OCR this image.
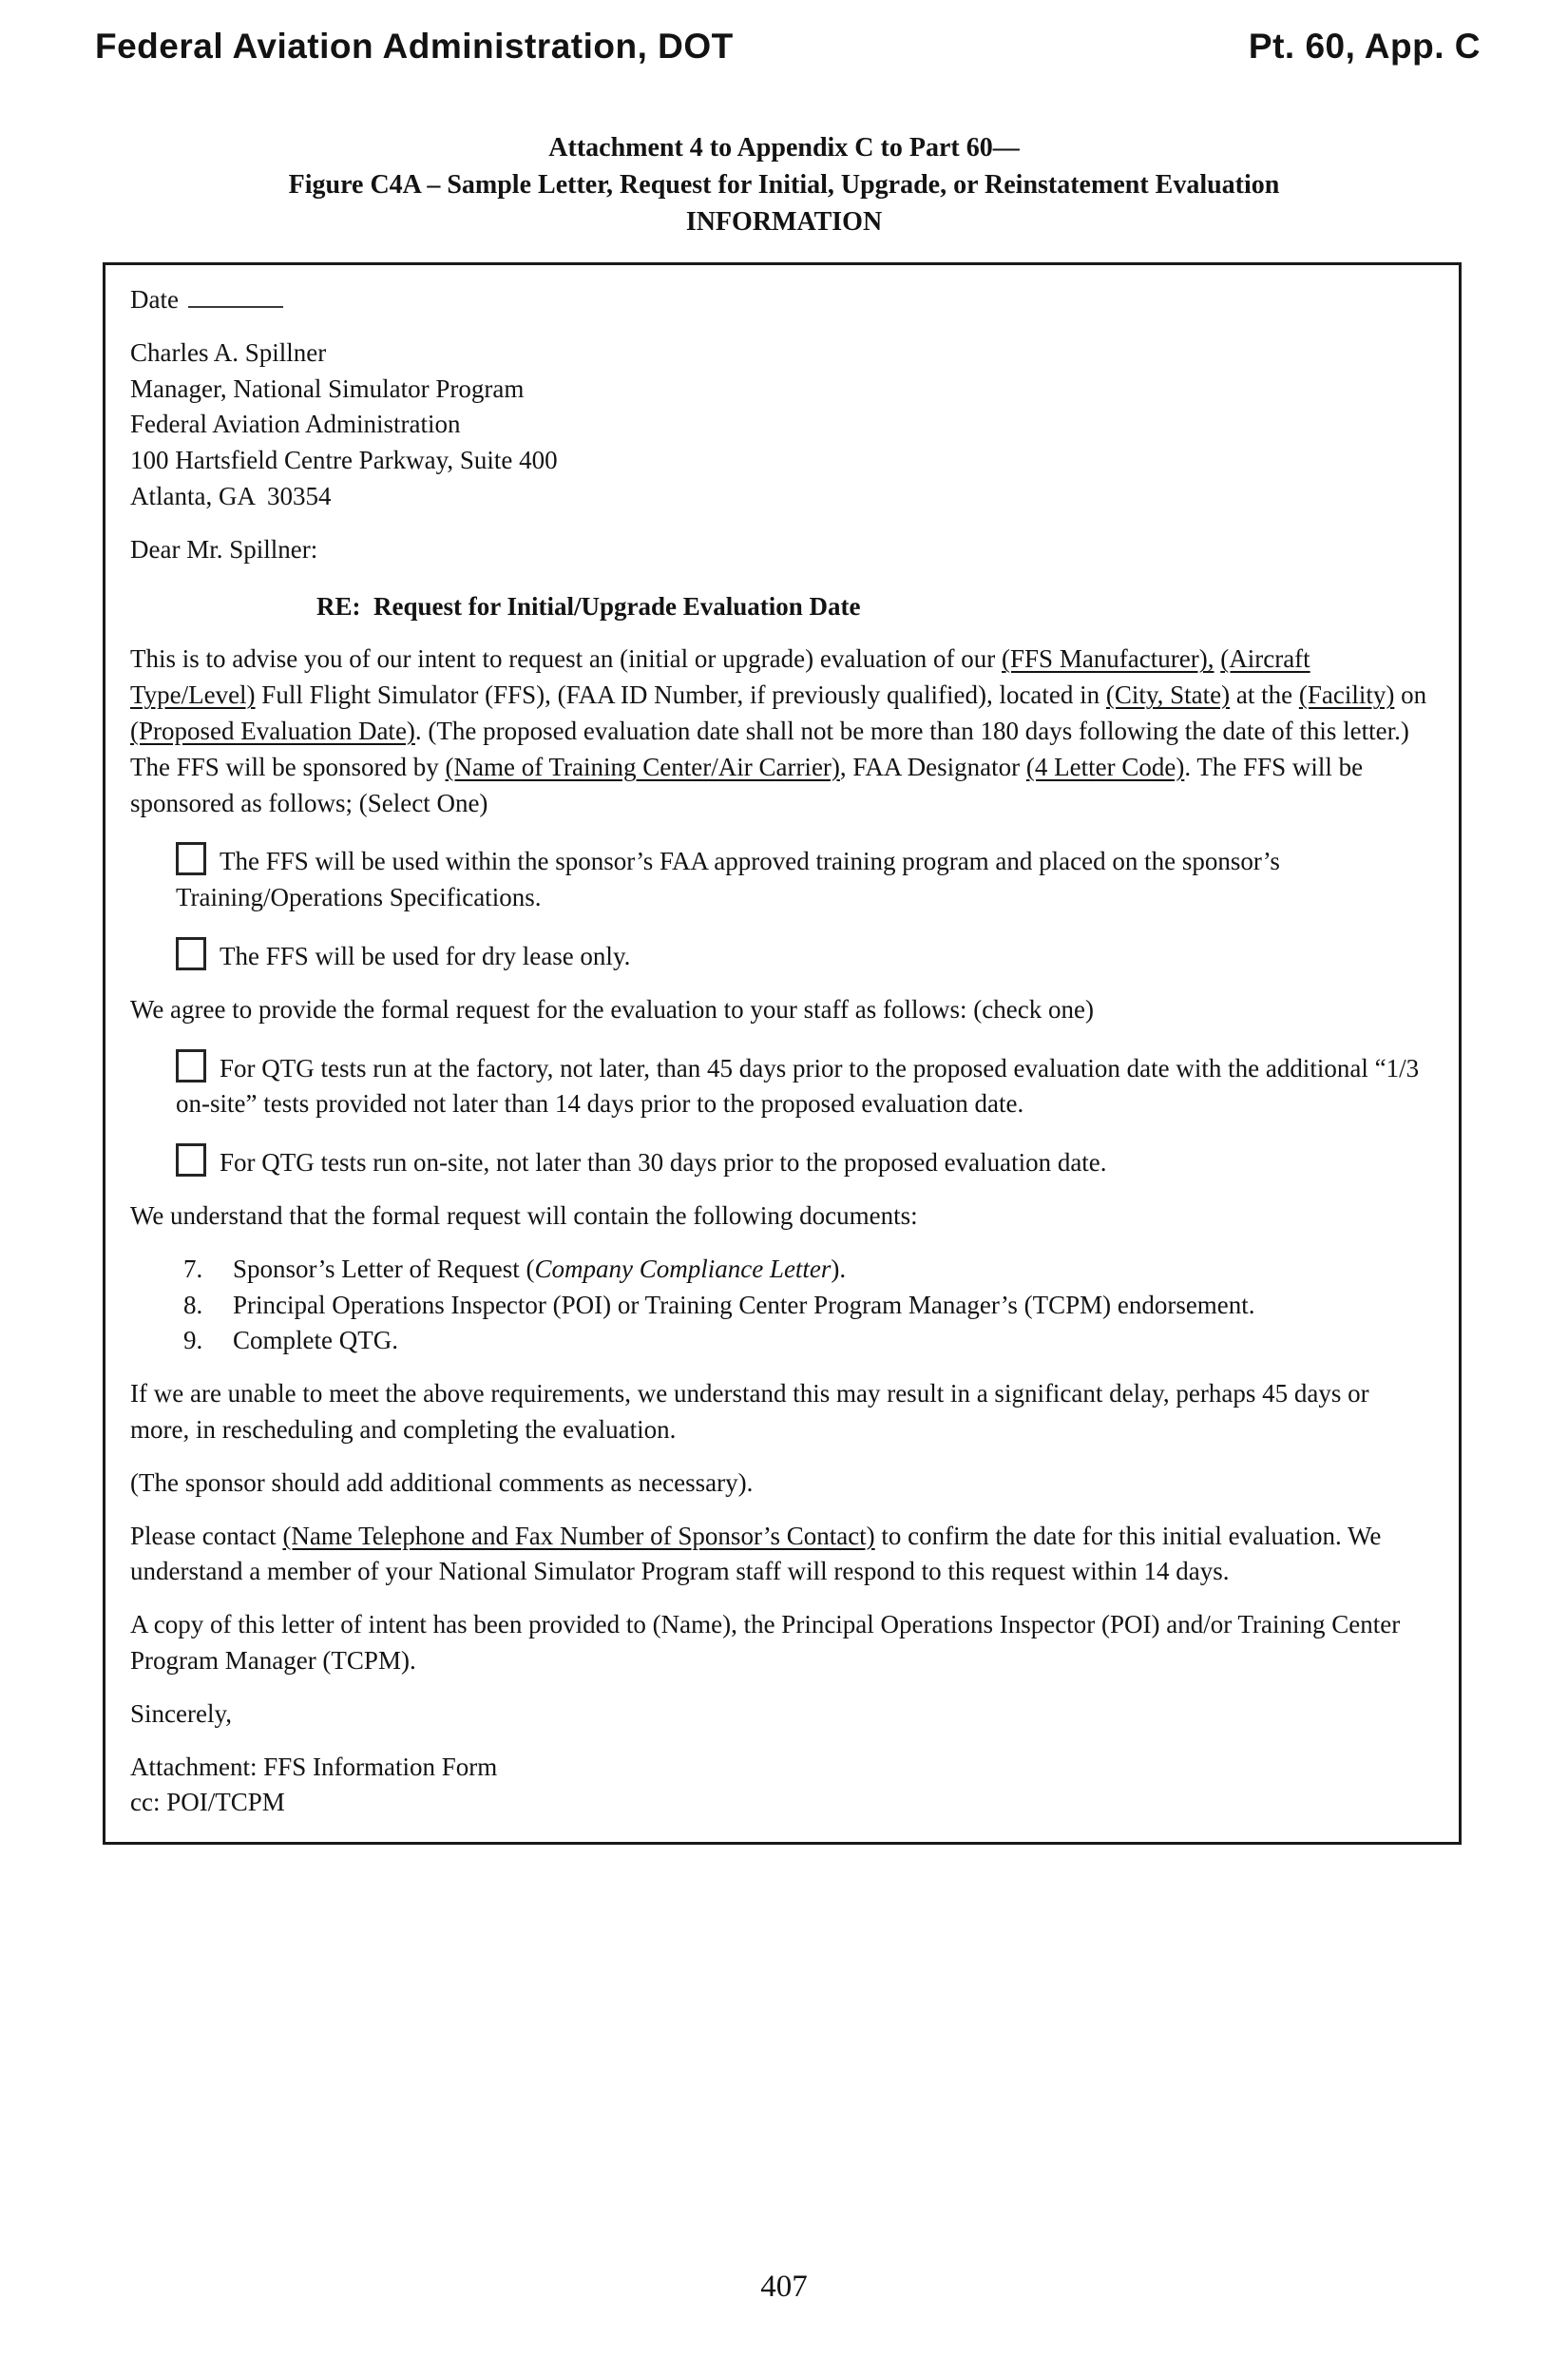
Federal Aviation Administration, DOT	Pt. 60, App. C
Attachment 4 to Appendix C to Part 60—
Figure C4A – Sample Letter, Request for Initial, Upgrade, or Reinstatement Evaluation
INFORMATION
Date
Charles A. Spillner
Manager, National Simulator Program
Federal Aviation Administration
100 Hartsfield Centre Parkway, Suite 400
Atlanta, GA  30354
Dear Mr. Spillner:
RE:  Request for Initial/Upgrade Evaluation Date
This is to advise you of our intent to request an (initial or upgrade) evaluation of our (FFS Manufacturer), (Aircraft Type/Level) Full Flight Simulator (FFS), (FAA ID Number, if previously qualified), located in (City, State) at the (Facility) on (Proposed Evaluation Date). (The proposed evaluation date shall not be more than 180 days following the date of this letter.) The FFS will be sponsored by (Name of Training Center/Air Carrier), FAA Designator (4 Letter Code). The FFS will be sponsored as follows; (Select One)
The FFS will be used within the sponsor’s FAA approved training program and placed on the sponsor’s Training/Operations Specifications.
The FFS will be used for dry lease only.
We agree to provide the formal request for the evaluation to your staff as follows: (check one)
For QTG tests run at the factory, not later, than 45 days prior to the proposed evaluation date with the additional “1/3 on-site” tests provided not later than 14 days prior to the proposed evaluation date.
For QTG tests run on-site, not later than 30 days prior to the proposed evaluation date.
We understand that the formal request will contain the following documents:
7.	Sponsor’s Letter of Request (Company Compliance Letter).
8.	Principal Operations Inspector (POI) or Training Center Program Manager’s (TCPM) endorsement.
9.	Complete QTG.
If we are unable to meet the above requirements, we understand this may result in a significant delay, perhaps 45 days or more, in rescheduling and completing the evaluation.
(The sponsor should add additional comments as necessary).
Please contact (Name Telephone and Fax Number of Sponsor’s Contact) to confirm the date for this initial evaluation. We understand a member of your National Simulator Program staff will respond to this request within 14 days.
A copy of this letter of intent has been provided to (Name), the Principal Operations Inspector (POI) and/or Training Center Program Manager (TCPM).
Sincerely,
Attachment: FFS Information Form
cc: POI/TCPM
407
